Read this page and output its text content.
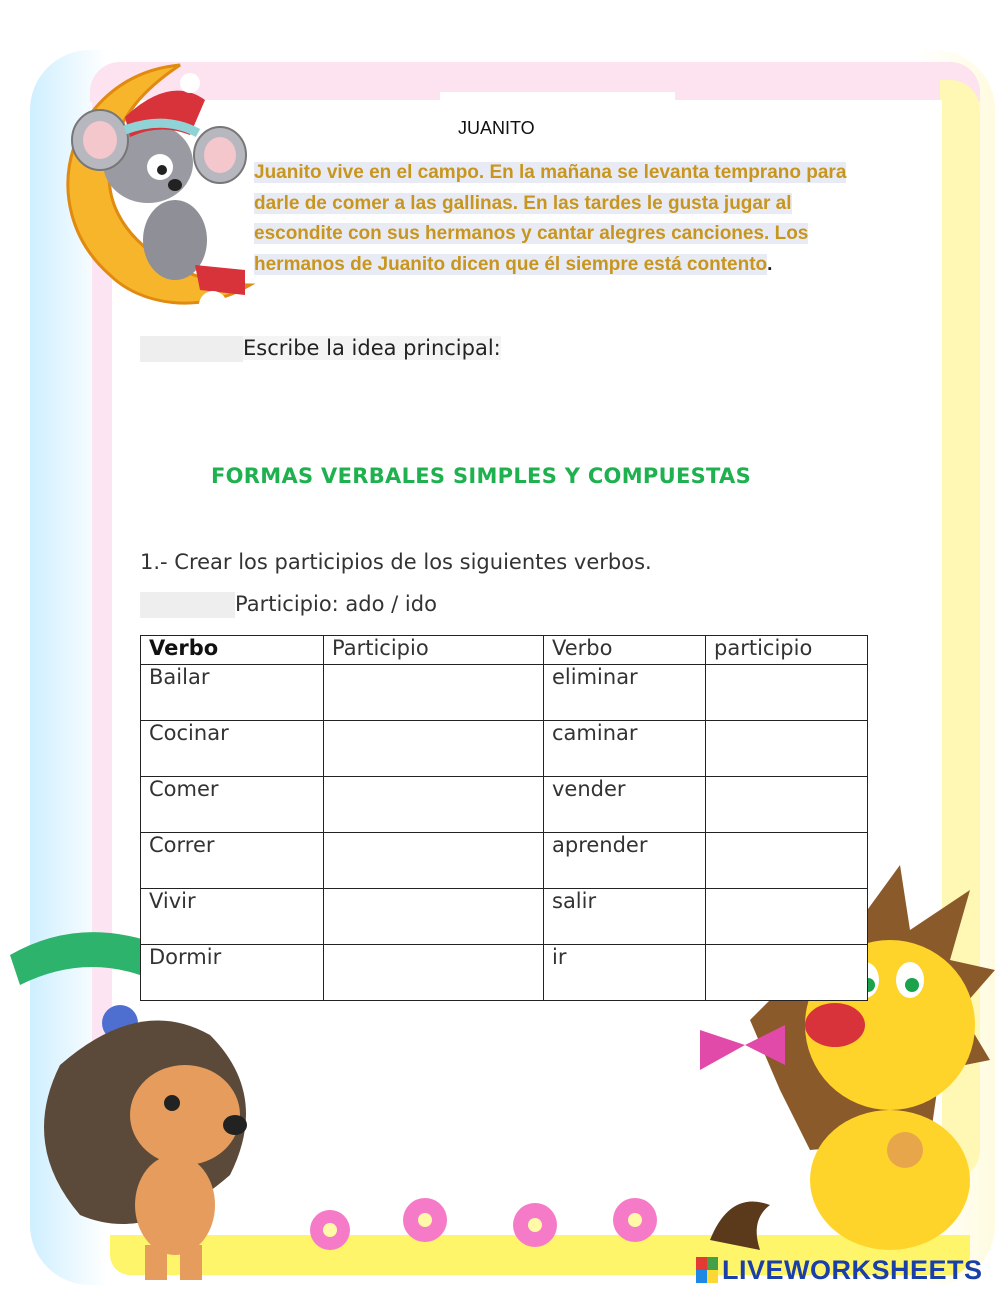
JUANITO
Juanito vive en el campo. En la mañana se levanta temprano para darle de comer a las gallinas. En las tardes le gusta jugar al escondite con sus hermanos y cantar alegres canciones. Los hermanos de Juanito dicen que él siempre está contento.
Escribe la idea principal:
FORMAS VERBALES SIMPLES Y COMPUESTAS
1.- Crear los participios de los siguientes verbos.
Participio: ado / ido
Verbo	Participio	Verbo	participio
Bailar		eliminar	
Cocinar		caminar	
Comer		vender	
Correr		aprender	
Vivir		salir	
Dormir		ir	
LIVEWORKSHEETS
